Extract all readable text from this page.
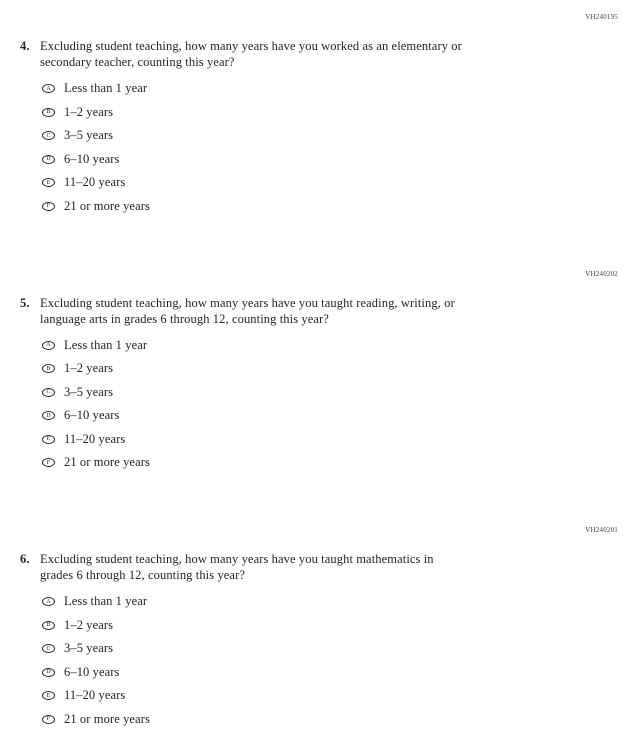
VH240195
4. Excluding student teaching, how many years have you worked as an elementary or
secondary teacher, counting this year?
A Less than 1 year
B 1–2 years
C 3–5 years
D 6–10 years
E 11–20 years
F 21 or more years
VH240202
5. Excluding student teaching, how many years have you taught reading, writing, or
language arts in grades 6 through 12, counting this year?
A Less than 1 year
B 1–2 years
C 3–5 years
D 6–10 years
E 11–20 years
F 21 or more years
VH240201
6. Excluding student teaching, how many years have you taught mathematics in
grades 6 through 12, counting this year?
A Less than 1 year
B 1–2 years
C 3–5 years
D 6–10 years
E 11–20 years
F 21 or more years
